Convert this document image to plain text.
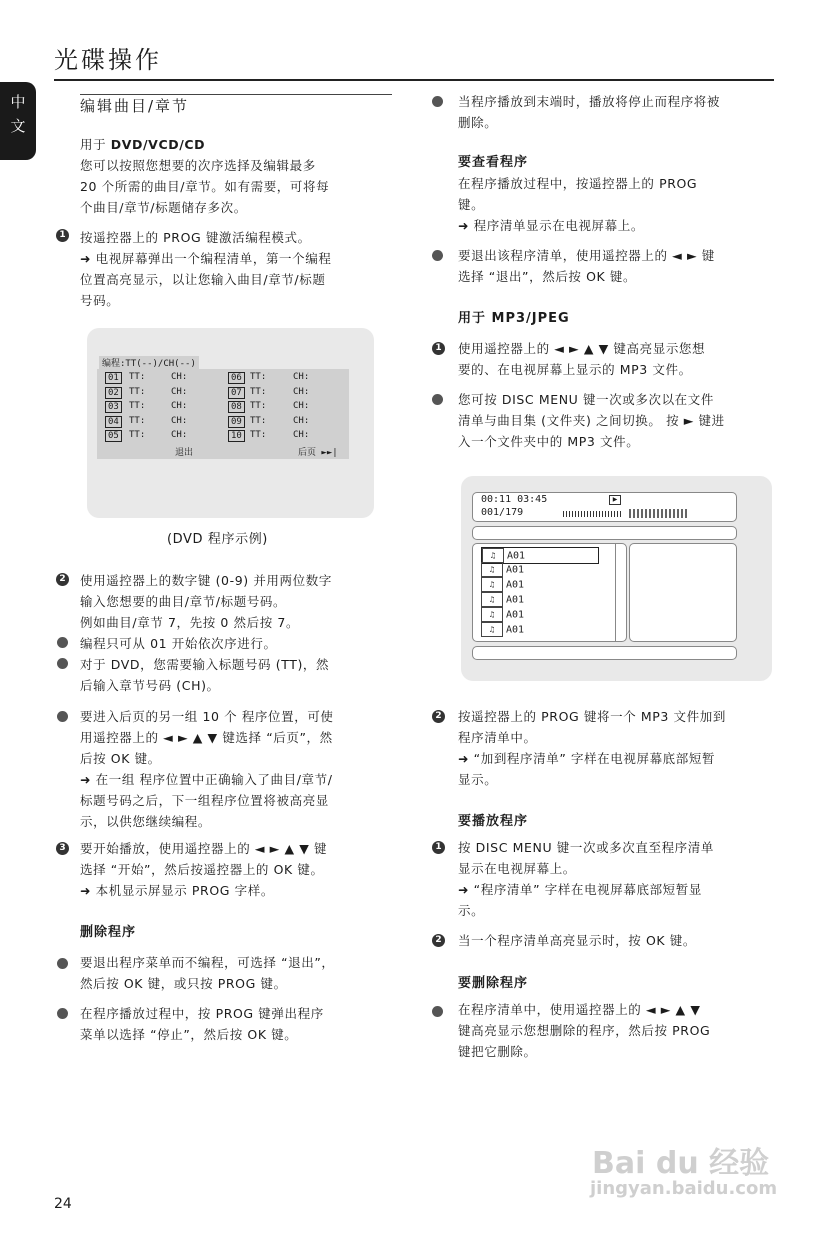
光碟操作
中
文
编辑曲目/章节
用于 DVD/VCD/CD
您可以按照您想要的次序选择及编辑最多
20 个所需的曲目/章节。如有需要，可将每
个曲目/章节/标题储存多次。
1 按遥控器上的 PROG 键激活编程模式。
➜ 电视屏幕弹出一个编程清单，第一个编程
位置高亮显示，以让您输入曲目/章节/标题
号码。
编程:TT(--)/CH(--)
01	TT:	CH:	06 TT:	CH:
02	TT:	CH:	07 TT:	CH:
03	TT:	CH:	08 TT:	CH:
04	TT:	CH:	09 TT:	CH:
05	TT:	CH:	10 TT:	CH:
退出	后页 ►►|
(DVD 程序示例)
2 使用遥控器上的数字键 (0-9) 并用两位数字
输入您想要的曲目/章节/标题号码。
例如曲目/章节 7，先按 0 然后按 7。
编程只可从 01 开始依次序进行。
对于 DVD，您需要输入标题号码 (TT)，然
后输入章节号码 (CH)。
要进入后页的另一组 10 个 程序位置，可使
用遥控器上的 ◄ ► ▲ ▼ 键选择 “后页”，然
后按 OK 键。
➜ 在一组 程序位置中正确输入了曲目/章节/
标题号码之后，下一组程序位置将被高亮显
示，以供您继续编程。
3 要开始播放，使用遥控器上的 ◄ ► ▲ ▼ 键
选择 “开始”，然后按遥控器上的 OK 键。
➜ 本机显示屏显示 PROG 字样。
删除程序
要退出程序菜单而不编程，可选择 “退出”，
然后按 OK 键，或只按 PROG 键。
在程序播放过程中，按 PROG 键弹出程序
菜单以选择 “停止”，然后按 OK 键。
当程序播放到末端时，播放将停止而程序将被
删除。
要查看程序
在程序播放过程中，按遥控器上的 PROG
键。
➜ 程序清单显示在电视屏幕上。
要退出该程序清单，使用遥控器上的 ◄ ► 键
选择 “退出”，然后按 OK 键。
用于 MP3/JPEG
1 使用遥控器上的 ◄ ► ▲ ▼ 键高亮显示您想
要的、在电视屏幕上显示的 MP3 文件。
您可按 DISC MENU 键一次或多次以在文件
清单与曲目集 (文件夹) 之间切换。 按 ► 键进
入一个文件夹中的 MP3 文件。
00:11 03:45
001/179
▶
♫ A01
♫ A01
♫ A01
♫ A01
♫ A01
♫ A01
2 按遥控器上的 PROG 键将一个 MP3 文件加到
程序清单中。
➜ “加到程序清单” 字样在电视屏幕底部短暂
显示。
要播放程序
1 按 DISC MENU 键一次或多次直至程序清单
显示在电视屏幕上。
➜ “程序清单” 字样在电视屏幕底部短暂显
示。
2 当一个程序清单高亮显示时，按 OK 键。
要删除程序
在程序清单中，使用遥控器上的 ◄ ► ▲ ▼
键高亮显示您想删除的程序，然后按 PROG
键把它删除。
24
Bai du 经验
jingyan.baidu.com
